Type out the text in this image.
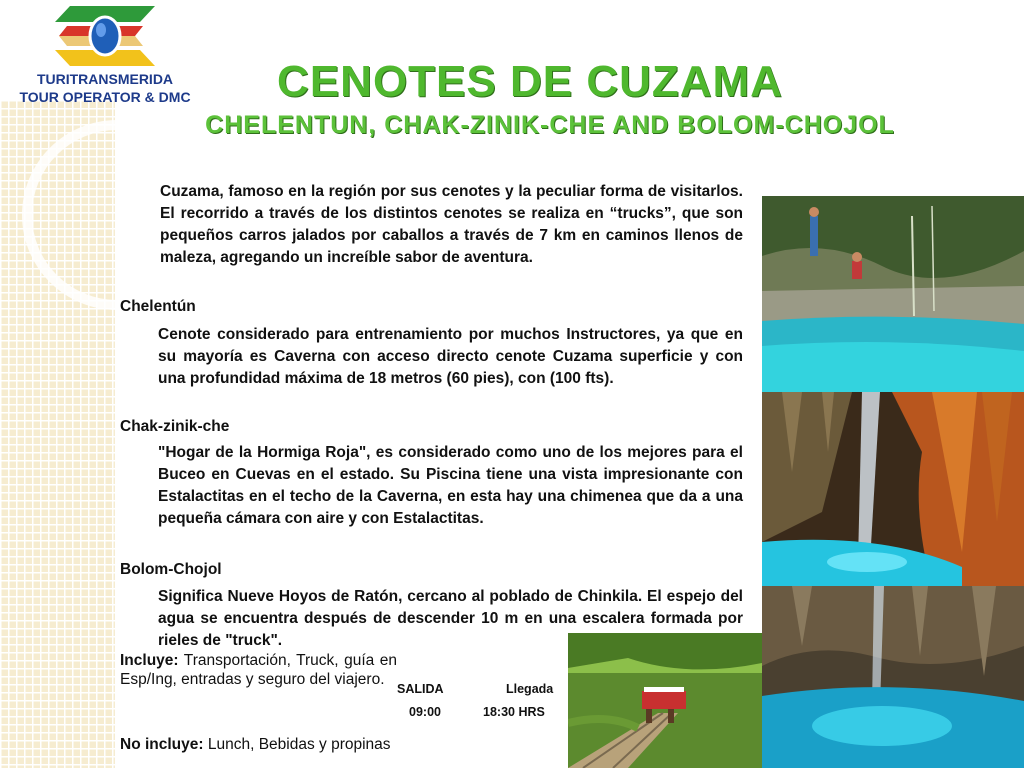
TURITRANSMERIDA
TOUR OPERATOR & DMC	CENOTES DE CUZAMA
CHELENTUN, CHAK-ZINIK-CHE AND BOLOM-CHOJOL
Cuzama, famoso en la región por sus cenotes y la peculiar forma de visitarlos. El recorrido a través de los distintos cenotes se realiza en “trucks”, que son pequeños carros jalados por caballos a través de 7 km en caminos llenos de maleza, agregando un increíble sabor de aventura.
Chelentún
Cenote considerado para entrenamiento por muchos Instructores, ya que en su mayoría es Caverna con acceso directo cenote Cuzama superficie y con una profundidad máxima de 18 metros (60 pies), con (100 fts).
Chak-zinik-che
"Hogar de la Hormiga Roja", es considerado como uno de los mejores para el Buceo en Cuevas en el estado. Su Piscina tiene una vista impresionante con Estalactitas en el techo de la Caverna, en esta hay una chimenea que da a una pequeña cámara con aire y con Estalactitas.
Bolom-Chojol
Significa Nueve Hoyos de Ratón, cercano al poblado de Chinkila. El espejo del agua se encuentra después de descender 10 m en una escalera formada por rieles de "truck".
Incluye: Transportación, Truck, guía en Esp/Ing, entradas y seguro del viajero.
No incluye: Lunch, Bebidas y propinas
SALIDA	Llegada
09:00	18:30 HRS
